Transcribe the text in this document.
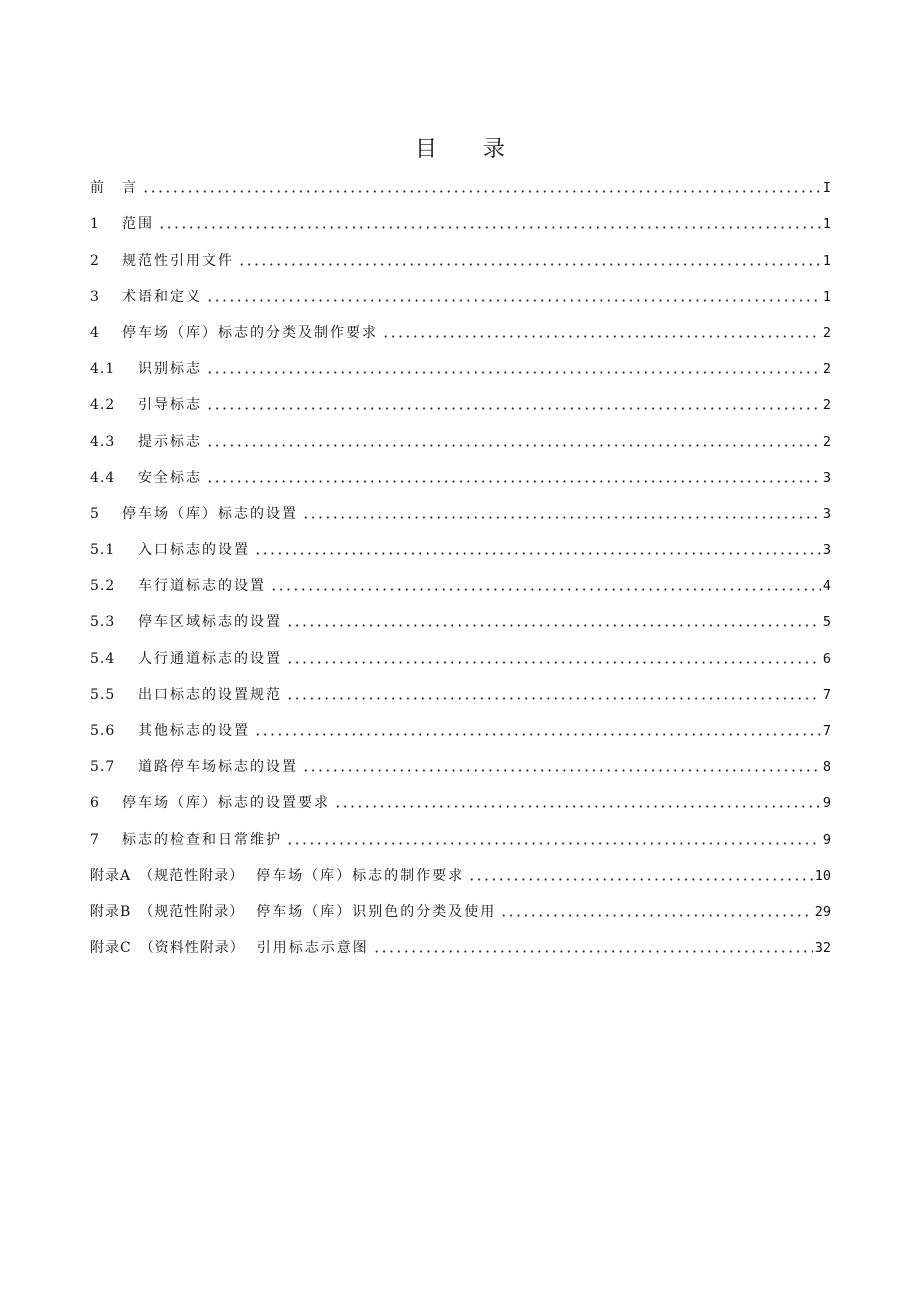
目 录
前　言	I
1	范围	1
2	规范性引用文件	1
3	术语和定义	1
4	停车场（库）标志的分类及制作要求	2
4.1	识别标志	2
4.2	引导标志	2
4.3	提示标志	2
4.4	安全标志	3
5	停车场（库）标志的设置	3
5.1	入口标志的设置	3
5.2	车行道标志的设置	4
5.3	停车区域标志的设置	5
5.4	人行通道标志的设置	6
5.5	出口标志的设置规范	7
5.6	其他标志的设置	7
5.7	道路停车场标志的设置	8
6	停车场（库）标志的设置要求	9
7	标志的检查和日常维护	9
附录A （规范性附录） 停车场（库）标志的制作要求	10
附录B （规范性附录） 停车场（库）识别色的分类及使用	29
附录C （资料性附录） 引用标志示意图	32
